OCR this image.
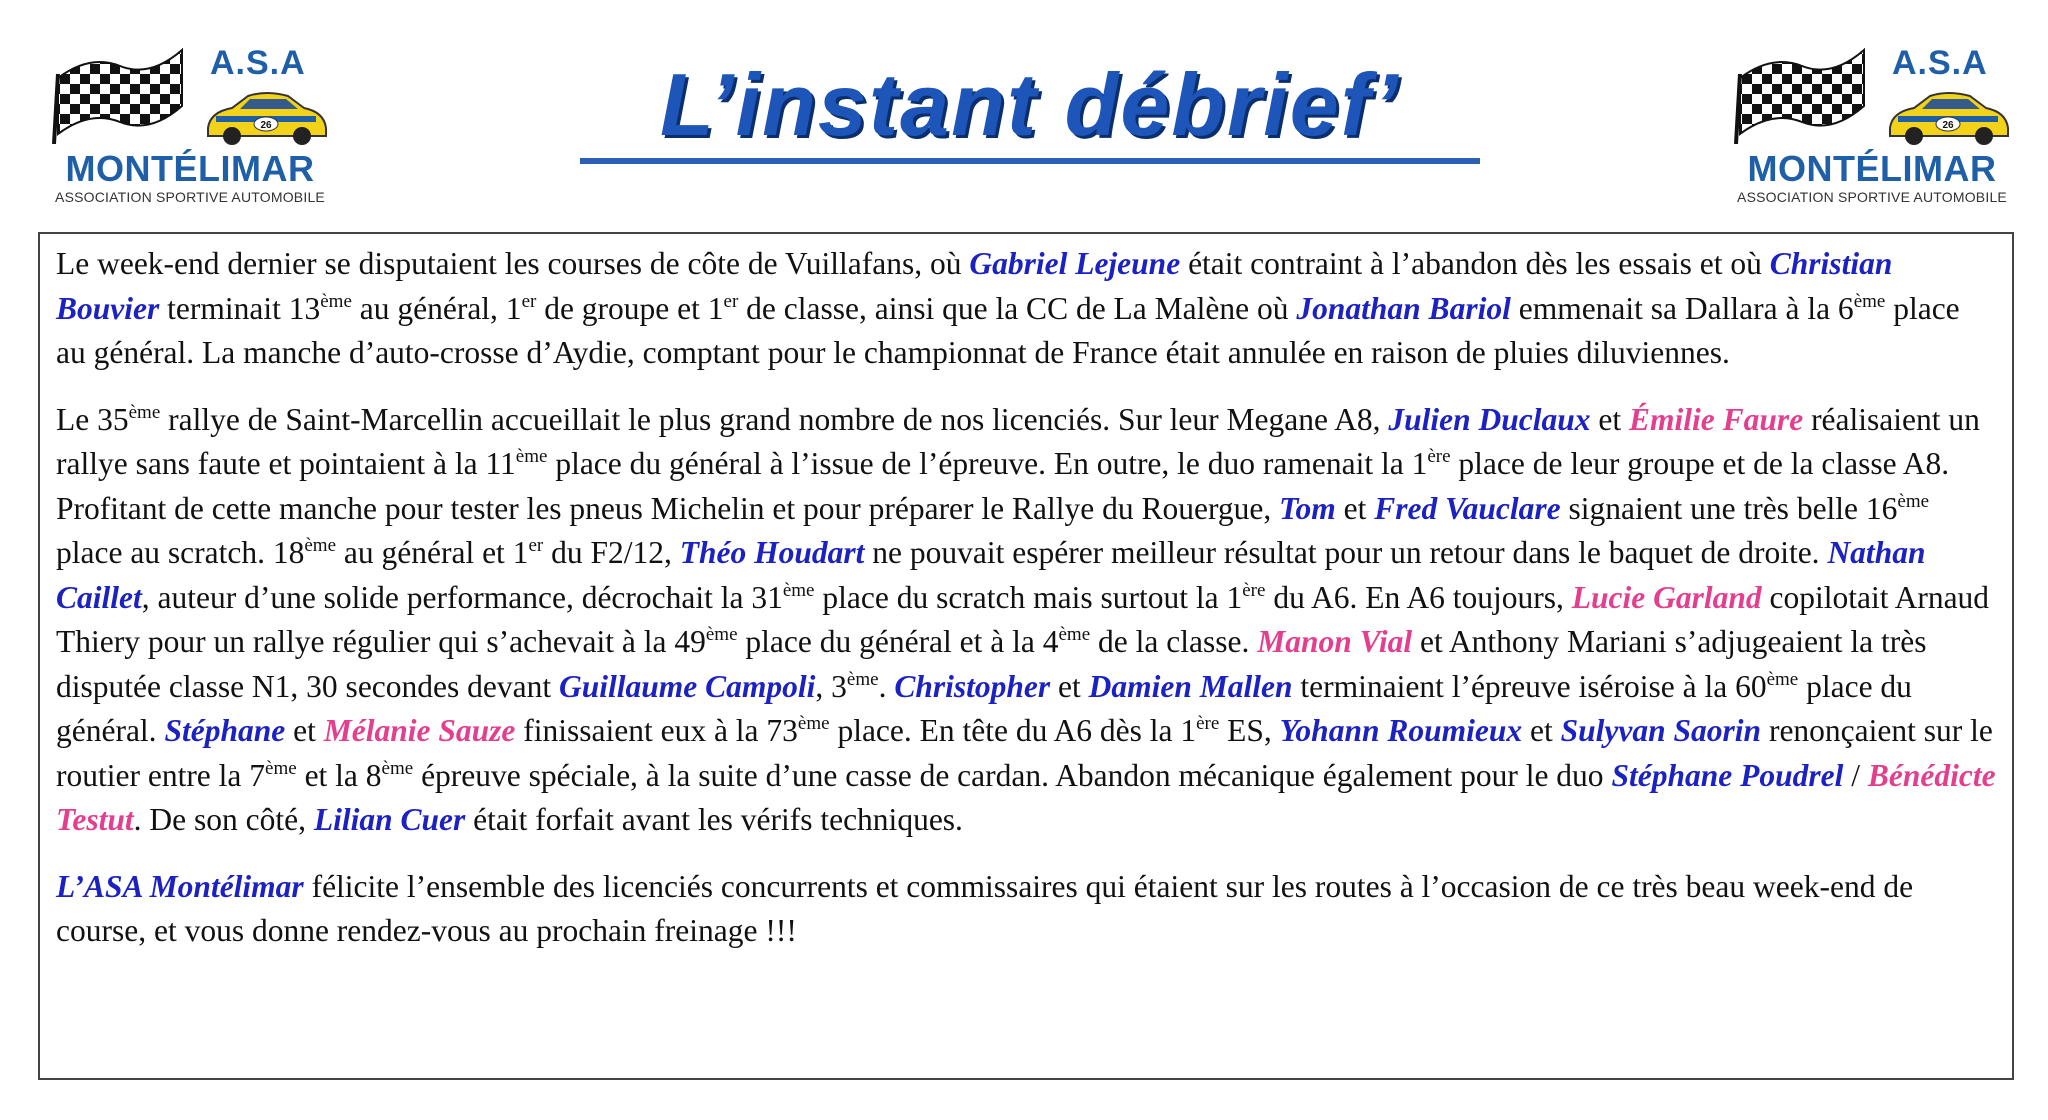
A.S.A
26
MONTÉLIMAR
ASSOCIATION SPORTIVE AUTOMOBILE
L’instant débrief’	A.S.A
26
MONTÉLIMAR
ASSOCIATION SPORTIVE AUTOMOBILE

Le week-end dernier se disputaient les courses de côte de Vuillafans, où Gabriel Lejeune était contraint à l’abandon dès les essais et où Christian Bouvier terminait 13ème au général, 1er de groupe et 1er de classe, ainsi que la CC de La Malène où Jonathan Bariol emmenait sa Dallara à la 6ème place au général. La manche d’auto-crosse d’Aydie, comptant pour le championnat de France était annulée en raison de pluies diluviennes.

Le 35ème rallye de Saint-Marcellin accueillait le plus grand nombre de nos licenciés. Sur leur Megane A8, Julien Duclaux et Émilie Faure réalisaient un rallye sans faute et pointaient à la 11ème place du général à l’issue de l’épreuve. En outre, le duo ramenait la 1ère place de leur groupe et de la classe A8. Profitant de cette manche pour tester les pneus Michelin et pour préparer le Rallye du Rouergue, Tom et Fred Vauclare signaient une très belle 16ème place au scratch. 18ème au général et 1er du F2/12, Théo Houdart ne pouvait espérer meilleur résultat pour un retour dans le baquet de droite. Nathan Caillet, auteur d’une solide performance, décrochait la 31ème place du scratch mais surtout la 1ère du A6. En A6 toujours, Lucie Garland copilotait Arnaud Thiery pour un rallye régulier qui s’achevait à la 49ème place du général et à la 4ème de la classe. Manon Vial et Anthony Mariani s’adjugeaient la très disputée classe N1, 30 secondes devant Guillaume Campoli, 3ème. Christopher et Damien Mallen terminaient l’épreuve iséroise à la 60ème place du général. Stéphane et Mélanie Sauze finissaient eux à la 73ème place. En tête du A6 dès la 1ère ES, Yohann Roumieux et Sulyvan Saorin renonçaient sur le routier entre la 7ème et la 8ème épreuve spéciale, à la suite d’une casse de cardan. Abandon mécanique également pour le duo Stéphane Poudrel / Bénédicte Testut. De son côté, Lilian Cuer était forfait avant les vérifs techniques.

L’ASA Montélimar félicite l’ensemble des licenciés concurrents et commissaires qui étaient sur les routes à l’occasion de ce très beau week-end de course, et vous donne rendez-vous au prochain freinage !!!
